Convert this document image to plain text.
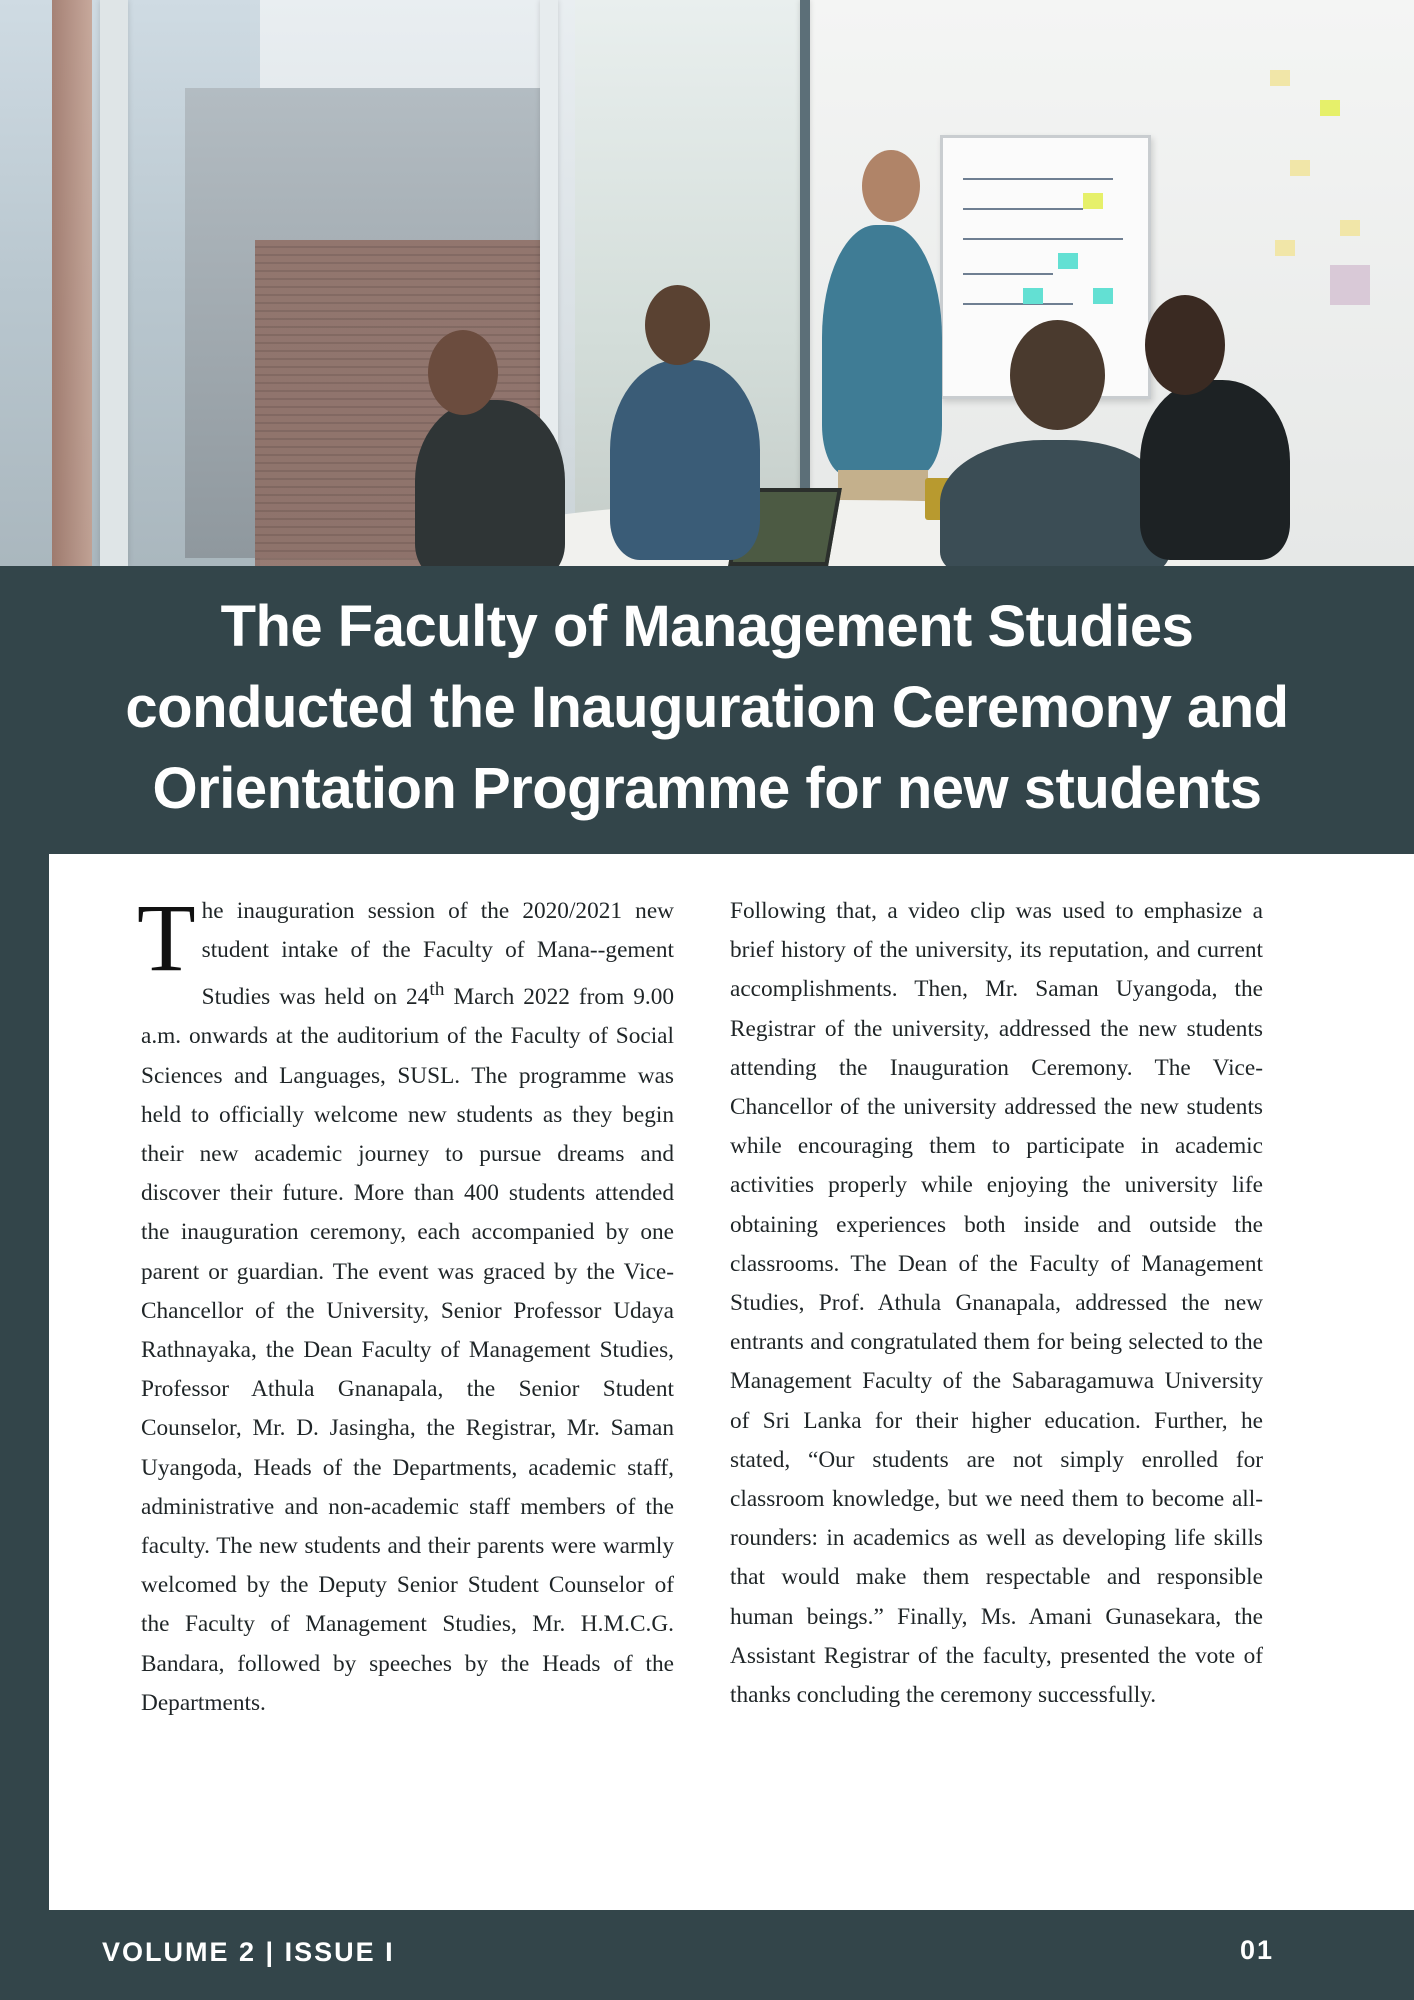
The Faculty of Management Studies
conducted the Inauguration Ceremony and
Orientation Programme for new students

The inauguration session of the 2020/2021 new student intake of the Faculty of Mana--gement Studies was held on 24th March 2022 from 9.00 a.m. onwards at the auditorium of the Faculty of Social Sciences and Languages, SUSL. The programme was held to officially welcome new students as they begin their new academic journey to pursue dreams and discover their future. More than 400 students attended the inauguration ceremony, each accompanied by one parent or guardian. The event was graced by the Vice-Chancellor of the University, Senior Professor Udaya Rathnayaka, the Dean Faculty of Management Studies, Professor Athula Gnanapala, the Senior Student Counselor, Mr. D. Jasingha, the Registrar, Mr. Saman Uyangoda, Heads of the Departments, academic staff, administrative and non-academic staff members of the faculty. The new students and their parents were warmly welcomed by the Deputy Senior Student Counselor of the Faculty of Management Studies, Mr. H.M.C.G. Bandara, followed by speeches by the Heads of the Departments.

Following that, a video clip was used to emphasize a brief history of the university, its reputation, and current accomplishments. Then, Mr. Saman Uyangoda, the Registrar of the university, addressed the new students attending the Inauguration Ceremony. The Vice-Chancellor of the university addressed the new students while encouraging them to participate in academic activities properly while enjoying the university life obtaining experiences both inside and outside the classrooms. The Dean of the Faculty of Management Studies, Prof. Athula Gnanapala, addressed the new entrants and congratulated them for being selected to the Management Faculty of the Sabaragamuwa University of Sri Lanka for their higher education. Further, he stated, “Our students are not simply enrolled for classroom knowledge, but we need them to become all-rounders: in academics as well as developing life skills that would make them respectable and responsible human beings.” Finally, Ms. Amani Gunasekara, the Assistant Registrar of the faculty, presented the vote of thanks concluding the ceremony successfully.

VOLUME 2 | ISSUE I	01
